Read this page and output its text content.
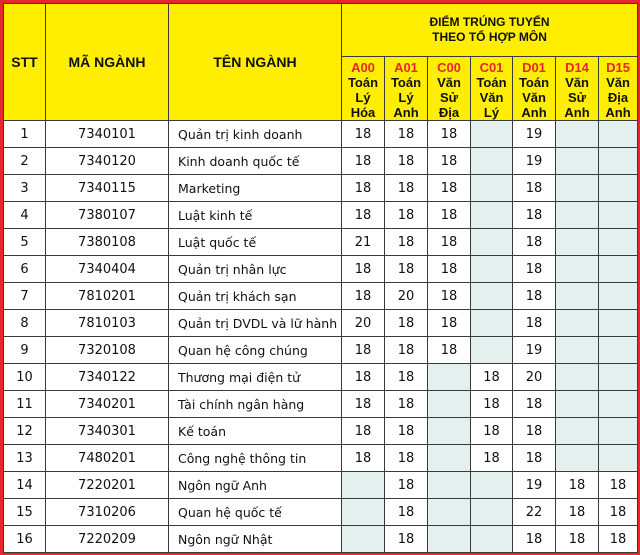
STT	MÃ NGÀNH	TÊN NGÀNH	ĐIỂM TRÚNG TUYỂN
THEO TỔ HỢP MÔN						

			A00
Toán
Lý
Hóa	A01
Toán
Lý
Anh	C00
Văn
Sử
Địa	C01
Toán
Văn
Lý	D01
Toán
Văn
Anh	D14
Văn
Sử
Anh	D15
Văn
Địa
Anh

1	7340101	Quản trị kinh doanh	18	18	18		19		
2	7340120	Kinh doanh quốc tế	18	18	18		19		
3	7340115	Marketing	18	18	18		18		
4	7380107	Luật kinh tế	18	18	18		18		
5	7380108	Luật quốc tế	21	18	18		18		
6	7340404	Quản trị nhân lực	18	18	18		18		
7	7810201	Quản trị khách sạn	18	20	18		18		
8	7810103	Quản trị DVDL và lữ hành	20	18	18		18		
9	7320108	Quan hệ công chúng	18	18	18		19		
10	7340122	Thương mại điện tử	18	18		18	20		
11	7340201	Tài chính ngân hàng	18	18		18	18		
12	7340301	Kế toán	18	18		18	18		
13	7480201	Công nghệ thông tin	18	18		18	18		
14	7220201	Ngôn ngữ Anh		18			19	18	18
15	7310206	Quan hệ quốc tế		18			22	18	18
16	7220209	Ngôn ngữ Nhật		18			18	18	18
